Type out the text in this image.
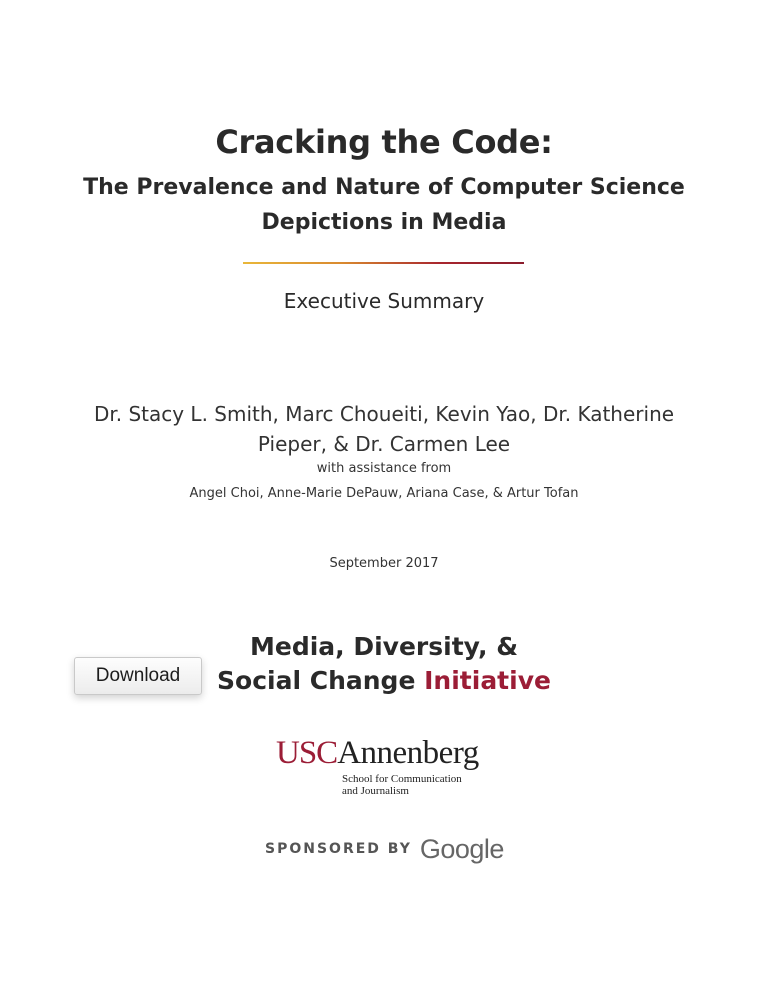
Cracking the Code:
The Prevalence and Nature of Computer Science
Depictions in Media
Executive Summary
Dr. Stacy L. Smith, Marc Choueiti, Kevin Yao, Dr. Katherine
Pieper, & Dr. Carmen Lee
with assistance from
Angel Choi, Anne-Marie DePauw, Ariana Case, & Artur Tofan
September 2017
Media, Diversity, &
Social Change Initiative
Download
USCAnnenberg
School for Communication
and Journalism
SPONSORED BY Google
